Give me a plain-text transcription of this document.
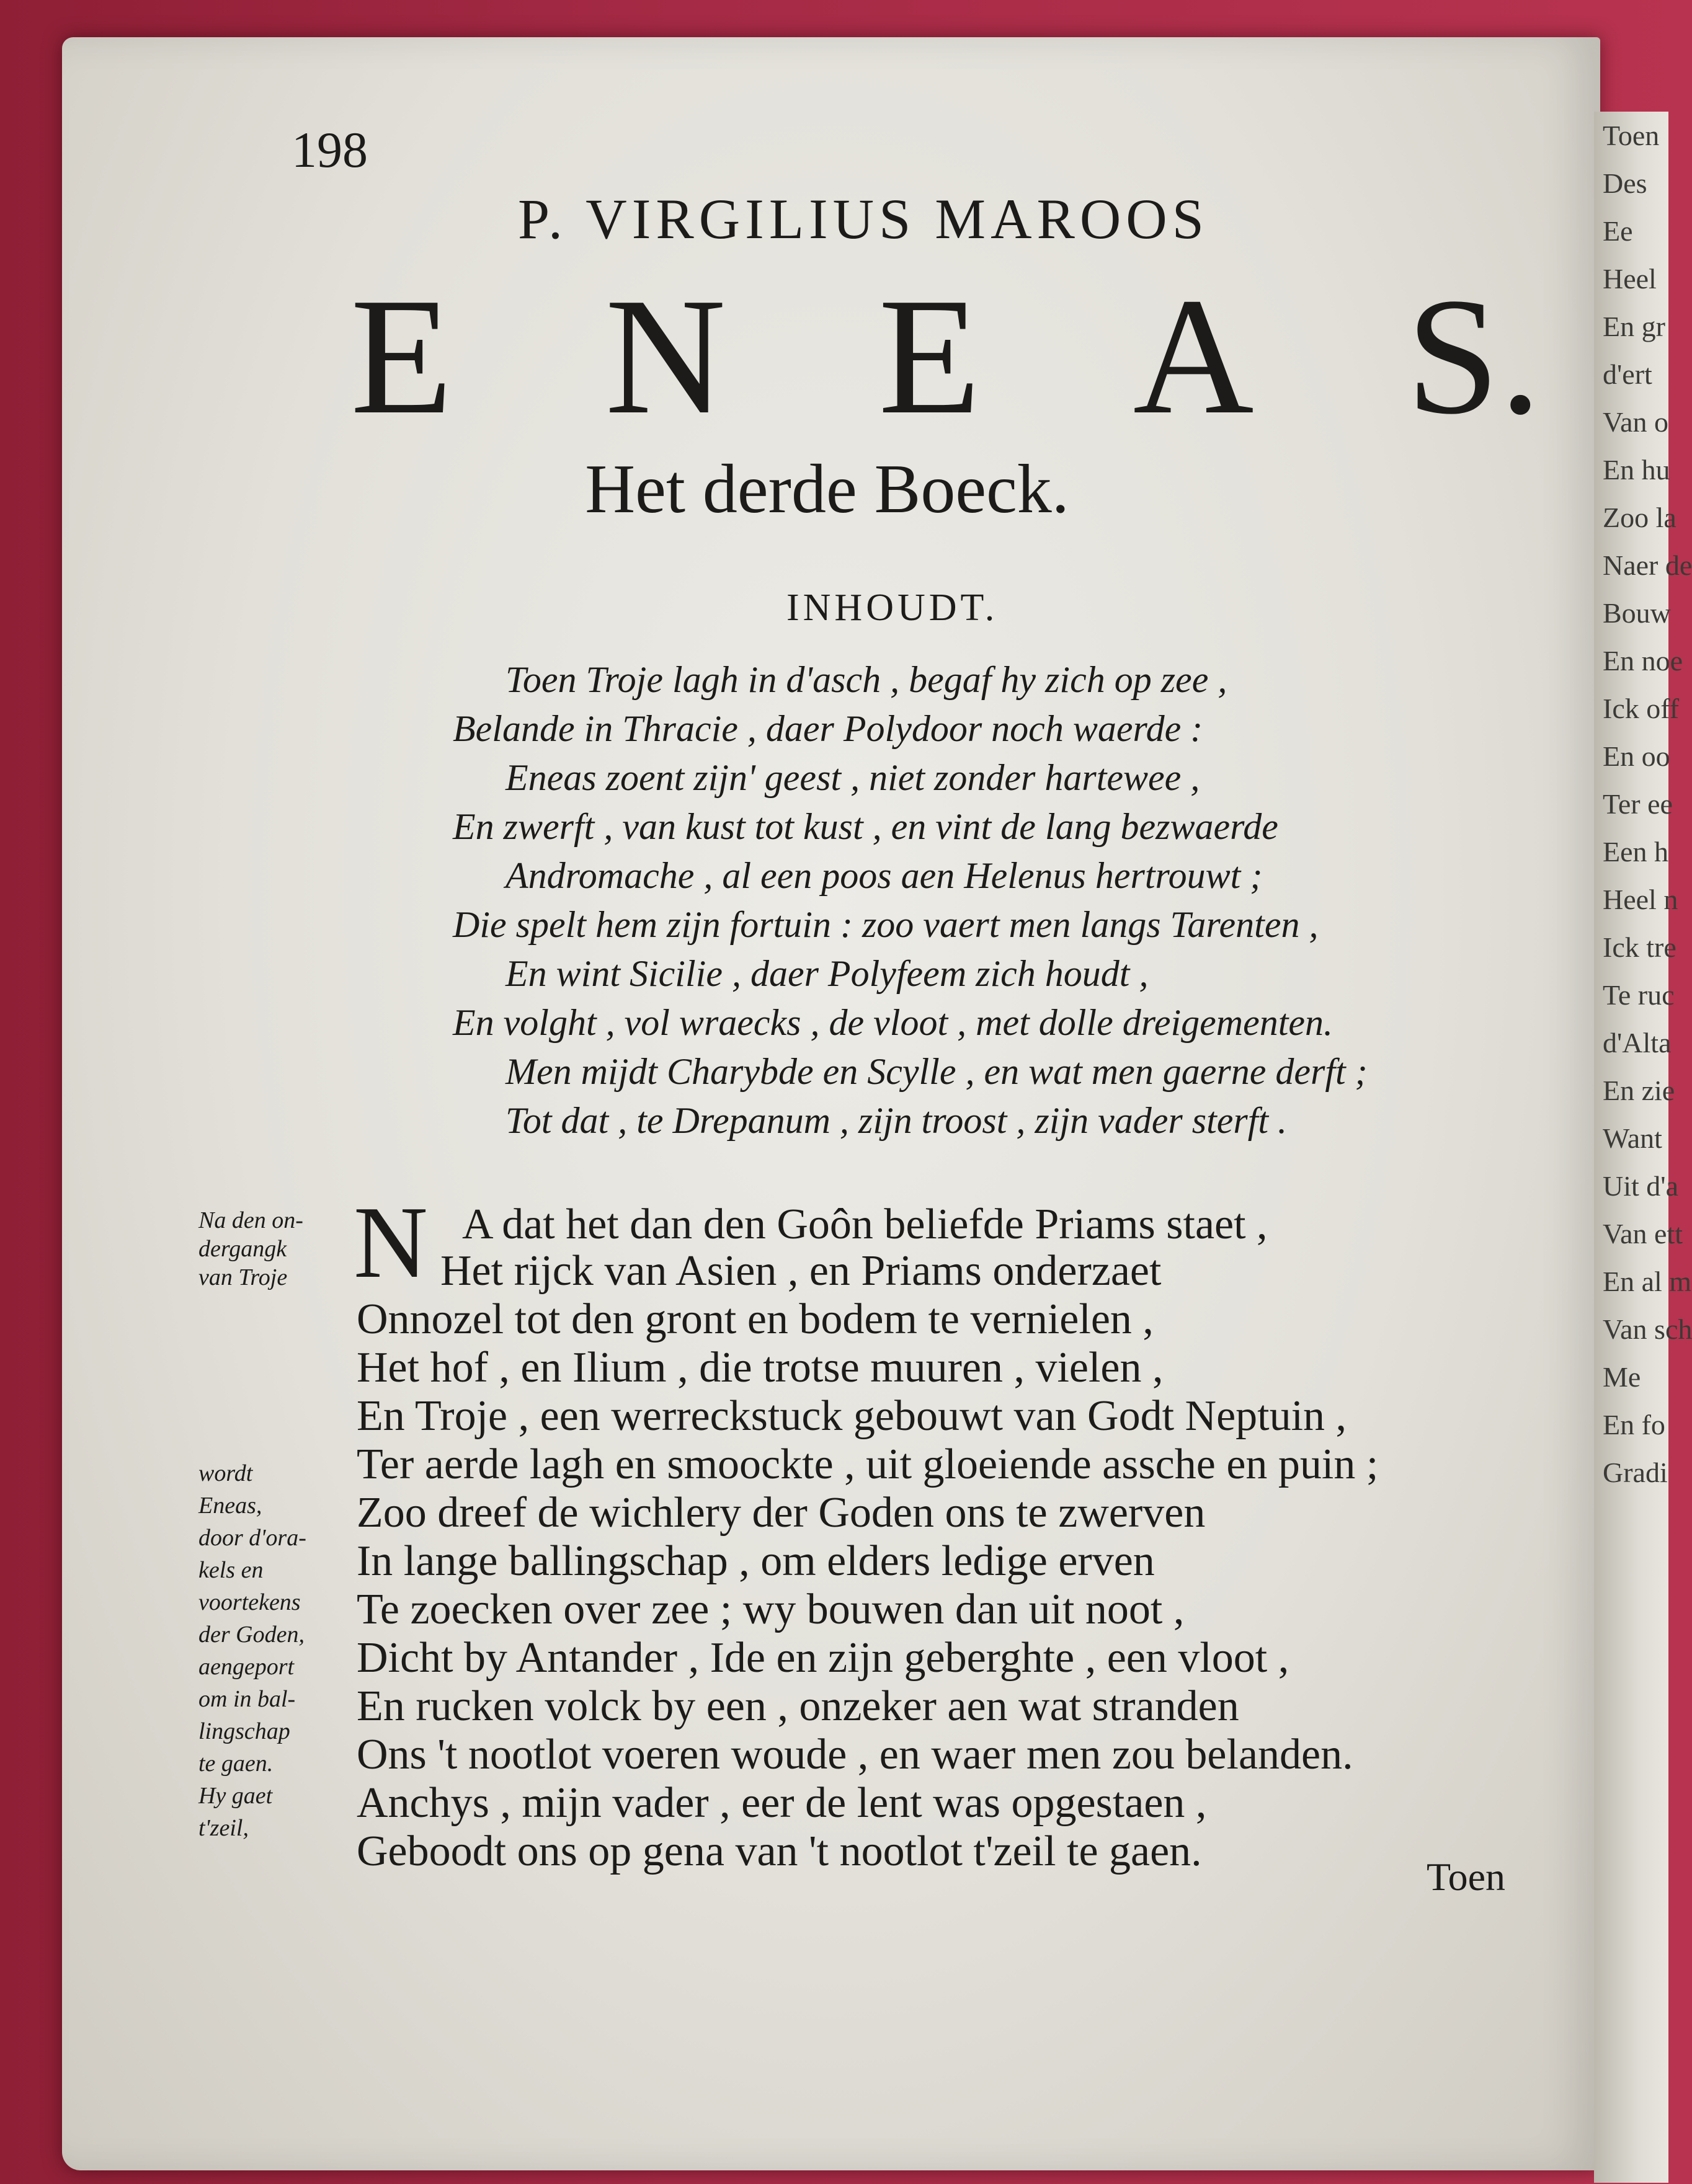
Toen
Des
Ee
Heel
En gr
d'ert
Van o
En hu
Zoo la
Naer de
Bouw
En noe
Ick off
En oo
Ter ee
Een h
Heel n
Ick tre
Te ruc
d'Alta
En zie
Want
Uit d'a
Van ett
En al m
Van sch
Me
En fo
Gradi
198
P. VIRGILIUS MAROOS
E N E A S.
Het derde Boeck.
INHOUDT.
Toen Troje lagh in d'asch , begaf hy zich op zee ,
Belande in Thracie , daer Polydoor noch waerde :
Eneas zoent zijn' geest , niet zonder hartewee ,
En zwerft , van kust tot kust , en vint de lang bezwaerde
Andromache , al een poos aen Helenus hertrouwt ;
Die spelt hem zijn fortuin : zoo vaert men langs Tarenten ,
En wint Sicilie , daer Polyfeem zich houdt ,
En volght , vol wraecks , de vloot , met dolle dreigementen.
Men mijdt Charybde en Scylle , en wat men gaerne derft ;
Tot dat , te Drepanum , zijn troost , zijn vader sterft .
Na den on-
dergangk
van Troje
wordt
Eneas,
door d'ora-
kels en
voortekens
der Goden,
aengeport
om in bal-
lingschap
te gaen.
Hy gaet
t'zeil,
N A dat het dan den Goôn beliefde Priams staet ,
Het rijck van Asien , en Priams onderzaet
Onnozel tot den gront en bodem te vernielen ,
Het hof , en Ilium , die trotse muuren , vielen ,
En Troje , een werreckstuck gebouwt van Godt Neptuin ,
Ter aerde lagh en smoockte , uit gloeiende assche en puin ;
Zoo dreef de wichlery der Goden ons te zwerven
In lange ballingschap , om elders ledige erven
Te zoecken over zee ; wy bouwen dan uit noot ,
Dicht by Antander , Ide en zijn geberghte , een vloot ,
En rucken volck by een , onzeker aen wat stranden
Ons 't nootlot voeren woude , en waer men zou belanden.
Anchys , mijn vader , eer de lent was opgestaen ,
Geboodt ons op gena van 't nootlot t'zeil te gaen.
Toen
